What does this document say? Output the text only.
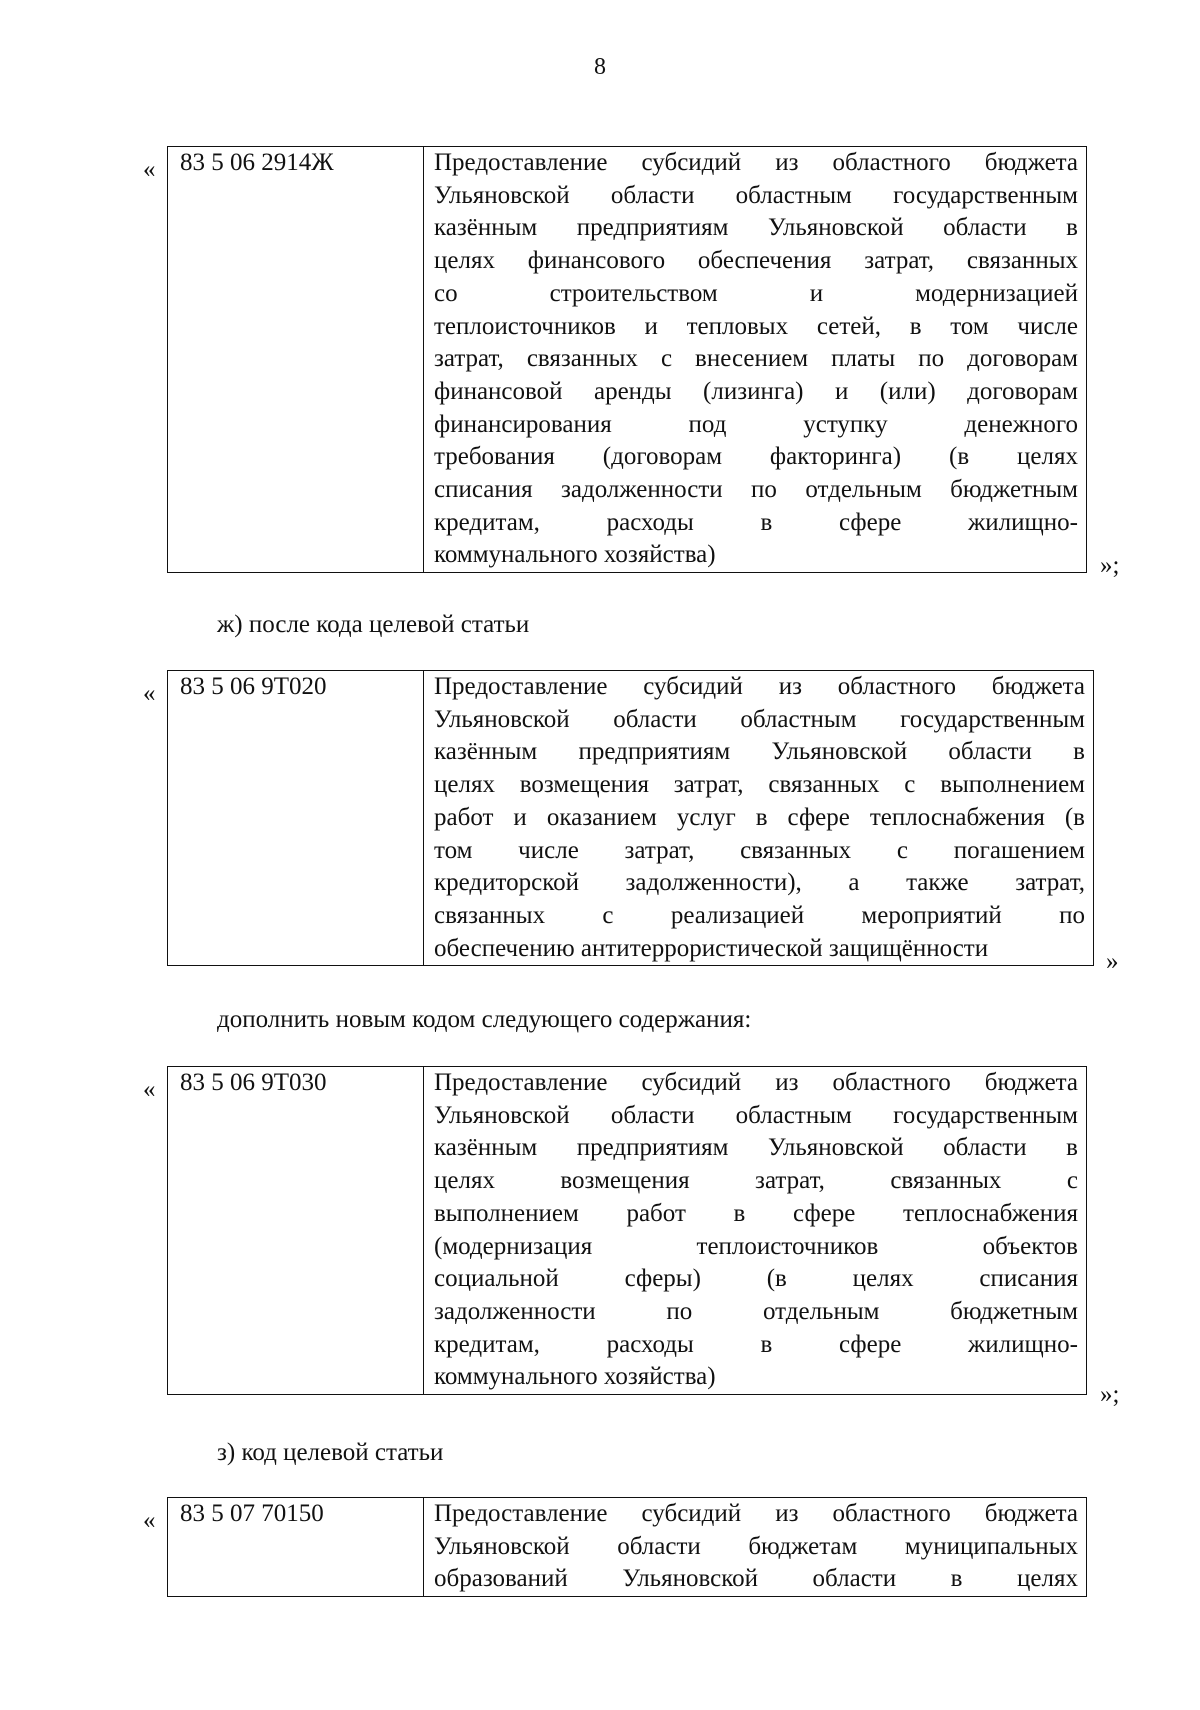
8
« 83 5 06 2914Ж	Предоставление субсидий из областного бюджета
Ульяновской области областным государственным
казённым предприятиям Ульяновской области в
целях финансового обеспечения затрат, связанных
со строительством и модернизацией
теплоисточников и тепловых сетей, в том числе
затрат, связанных с внесением платы по договорам
финансовой аренды (лизинга) и (или) договорам
финансирования под уступку денежного
требования (договорам факторинга) (в целях
списания задолженности по отдельным бюджетным
кредитам, расходы в сфере жилищно-
коммунального хозяйства)	»;
ж) после кода целевой статьи
« 83 5 06 9Т020	Предоставление субсидий из областного бюджета
Ульяновской области областным государственным
казённым предприятиям Ульяновской области в
целях возмещения затрат, связанных с выполнением
работ и оказанием услуг в сфере теплоснабжения (в
том числе затрат, связанных с погашением
кредиторской задолженности), а также затрат,
связанных с реализацией мероприятий по
обеспечению антитеррористической защищённости	»
дополнить новым кодом следующего содержания:
« 83 5 06 9Т030	Предоставление субсидий из областного бюджета
Ульяновской области областным государственным
казённым предприятиям Ульяновской области в
целях возмещения затрат, связанных с
выполнением работ в сфере теплоснабжения
(модернизация теплоисточников объектов
социальной сферы) (в целях списания
задолженности по отдельным бюджетным
кредитам, расходы в сфере жилищно-
коммунального хозяйства)
»;
з) код целевой статьи
« 83 5 07 70150	Предоставление субсидий из областного бюджета
Ульяновской области бюджетам муниципальных
образований Ульяновской области в целях
